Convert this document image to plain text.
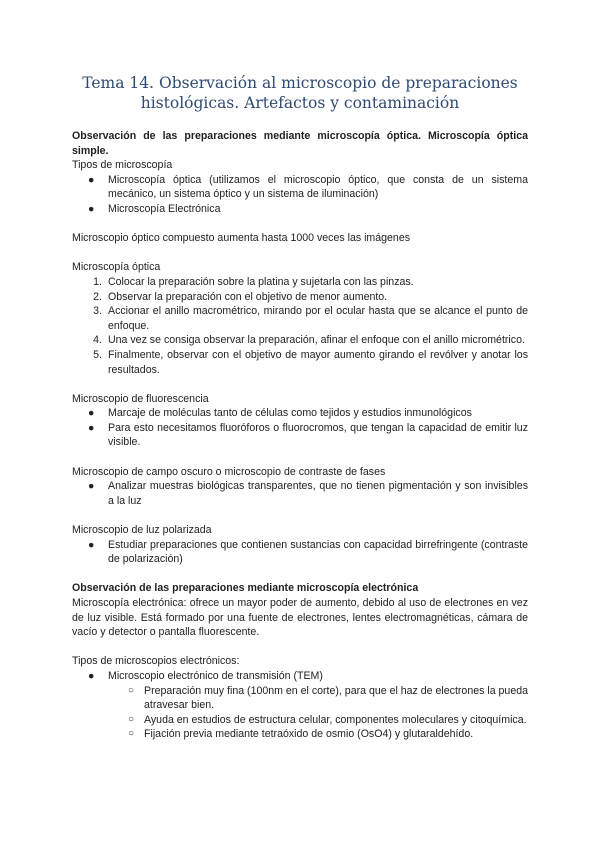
Tema 14. Observación al microscopio de preparaciones
histológicas. Artefactos y contaminación

Observación de las preparaciones mediante microscopía óptica. Microscopía óptica simple.

Tipos de microscopía

●	Microscopía óptica (utilizamos el microscopio óptico, que consta de un sistema mecánico, un sistema óptico y un sistema de iluminación)
●	Microscopía Electrónica

Microscopio óptico compuesto aumenta hasta 1000 veces las imágenes

Microscopía óptica

1. Colocar la preparación sobre la platina y sujetarla con las pinzas.
2. Observar la preparación con el objetivo de menor aumento.
3. Accionar el anillo macrométrico, mirando por el ocular hasta que se alcance el punto de enfoque.
4. Una vez se consiga observar la preparación, afinar el enfoque con el anillo micrométrico.
5. Finalmente, observar con el objetivo de mayor aumento girando el revólver y anotar los resultados.

Microscopio de fluorescencia

●	Marcaje de moléculas tanto de células como tejidos y estudios inmunológicos
●	Para esto necesitamos fluoróforos o fluorocromos, que tengan la capacidad de emitir luz visible.

Microscopio de campo oscuro o microscopio de contraste de fases

●	Analizar muestras biológicas transparentes, que no tienen pigmentación y son invisibles a la luz

Microscopio de luz polarizada

●	Estudiar preparaciones que contienen sustancias con capacidad birrefringente (contraste de polarización)

Observación de las preparaciones mediante microscopía electrónica

Microscopía electrónica: ofrece un mayor poder de aumento, debido al uso de electrones en vez de luz visible. Está formado por una fuente de electrones, lentes electromagnéticas, cámara de vacío y detector o pantalla fluorescente.

Tipos de microscopios electrónicos:

●	Microscopio electrónico de transmisión (TEM)
○ Preparación muy fina (100nm en el corte), para que el haz de electrones la pueda atravesar bien.
○ Ayuda en estudios de estructura celular, componentes moleculares y citoquímica.
○ Fijación previa mediante tetraóxido de osmio (OsO4) y glutaraldehído.
